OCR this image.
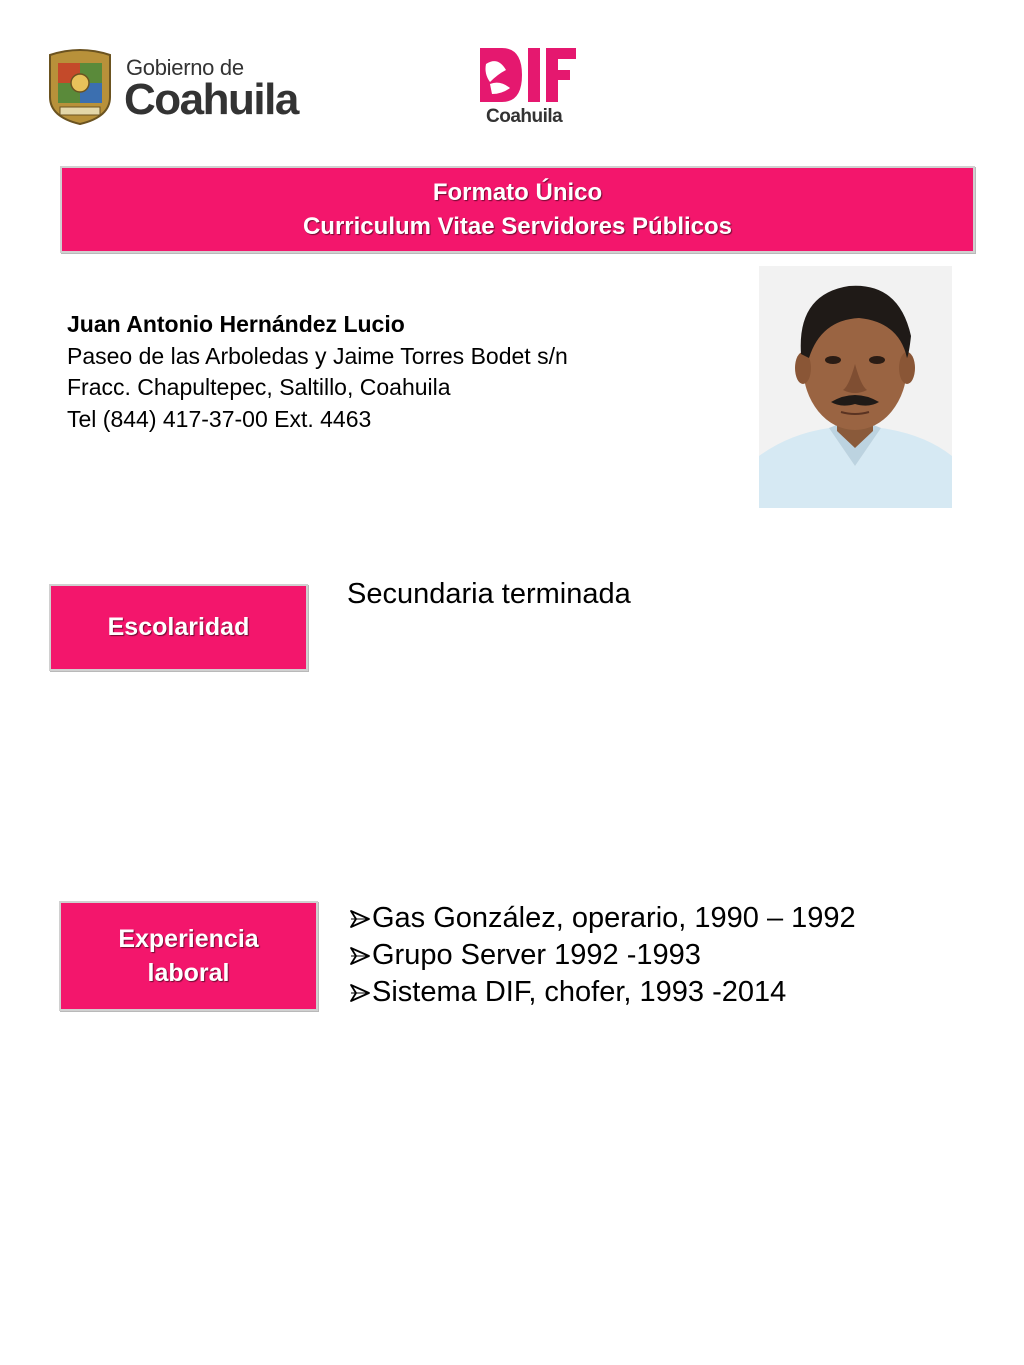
Gobierno de
Coahuila	Coahuila
Formato Único
Curriculum Vitae Servidores Públicos
Juan Antonio Hernández Lucio
Paseo de las Arboledas y Jaime Torres Bodet s/n
Fracc. Chapultepec, Saltillo, Coahuila
Tel (844) 417-37-00 Ext. 4463
Escolaridad
Secundaria terminada
Experiencia
laboral
Gas González, operario, 1990 – 1992
Grupo Server 1992 -1993
Sistema DIF, chofer, 1993 -2014
